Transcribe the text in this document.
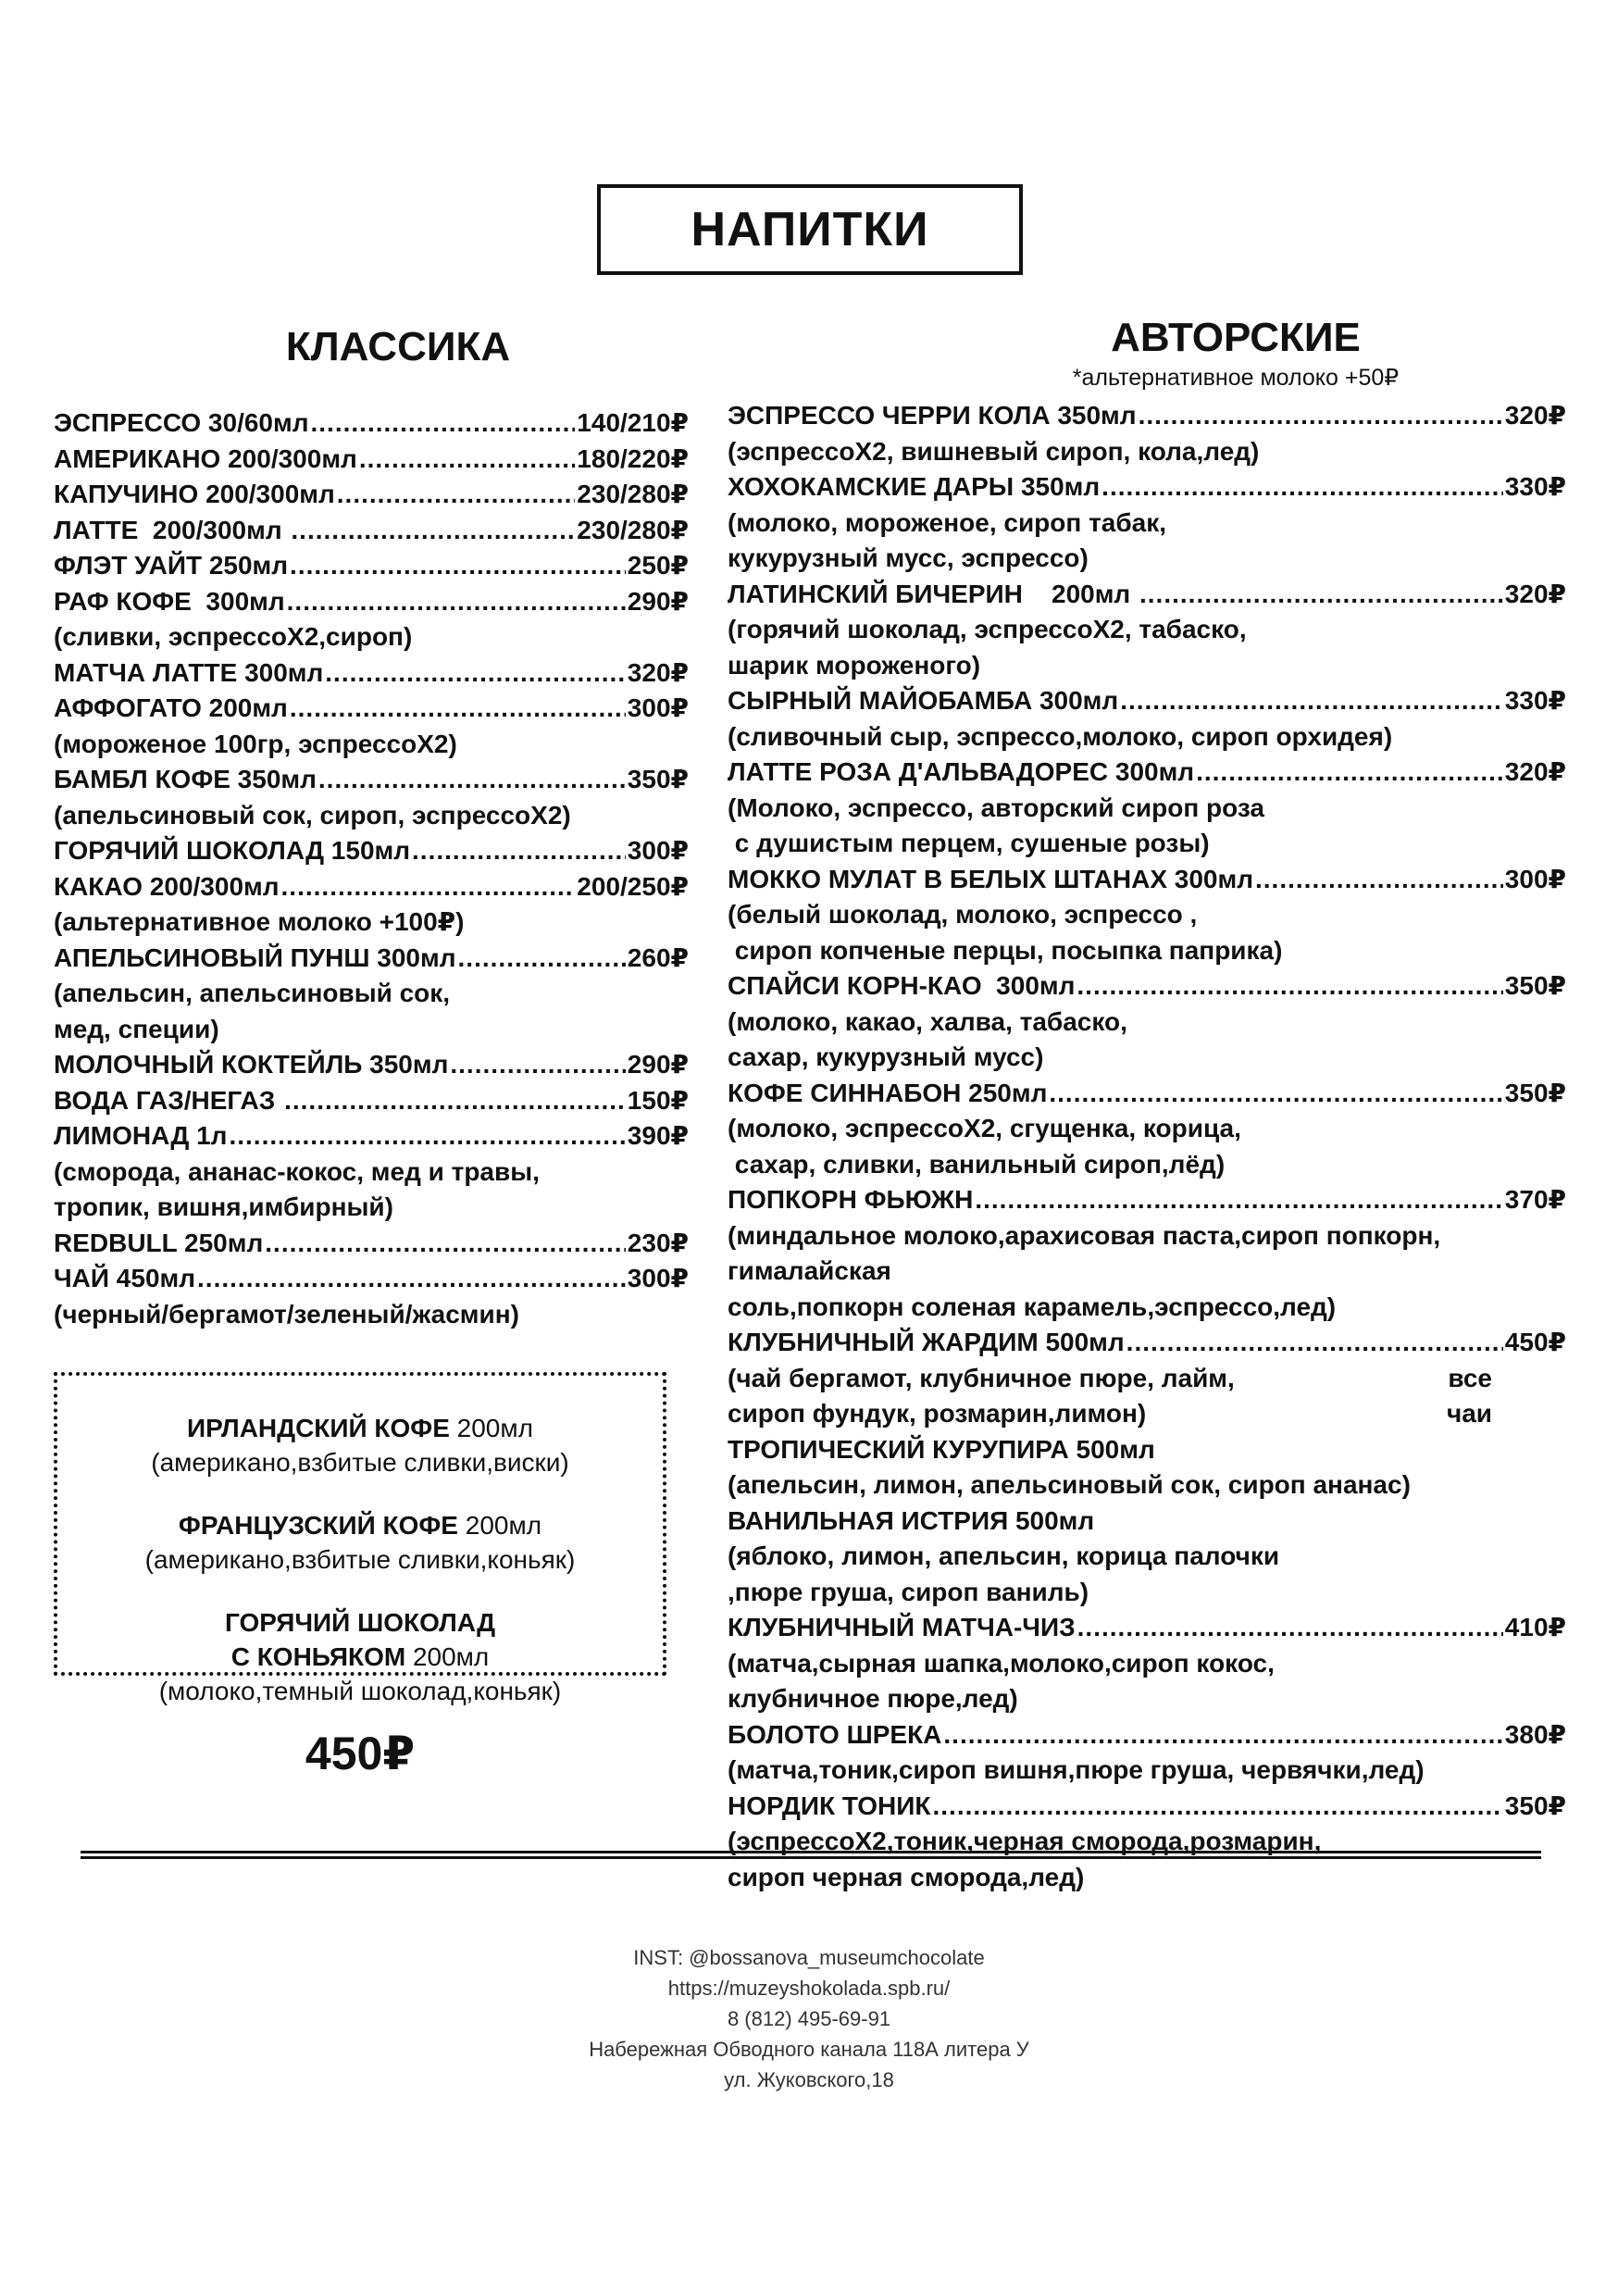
НАПИТКИ
КЛАССИКА	АВТОРСКИЕ
*альтернативное молоко +50₽
ЭСПРЕССО 30/60мл .....	140/210₽
АМЕРИКАНО 200/300мл .....	180/220₽
КАПУЧИНО 200/300мл .....	230/280₽
ЛАТТЕ  200/300мл .....	230/280₽
ФЛЭТ УАЙТ 250мл .....	250₽
РАФ КОФЕ  300мл .....	290₽
(сливки, эспрессоX2,сироп)
МАТЧА ЛАТТЕ 300мл .....	320₽
АФФОГАТО 200мл .....	300₽
(мороженое 100гр, эспрессоX2)
БАМБЛ КОФЕ 350мл .....	350₽
(апельсиновый сок, сироп, эспрессоX2)
ГОРЯЧИЙ ШОКОЛАД 150мл .....	300₽
КАКАО 200/300мл .....	200/250₽
(альтернативное молоко +100₽)
АПЕЛЬСИНОВЫЙ ПУНШ 300мл .....	260₽
(апельсин, апельсиновый сок,
мед, специи)
МОЛОЧНЫЙ КОКТЕЙЛЬ 350мл .....	290₽
ВОДА ГАЗ/НЕГАЗ .....	150₽
ЛИМОНАД 1л .....	390₽
(смородa, ананас-кокос, мед и травы,
тропик, вишня,имбирный)
REDBULL 250мл .....	230₽
ЧАЙ 450мл .....	300₽
(черный/бергамот/зеленый/жасмин)
ЭСПРЕССО ЧЕРРИ КОЛА 350мл .....	320₽
(эспрессоX2, вишневый сироп, кола,лед)
ХОХОКАМСКИЕ ДАРЫ 350мл .....	330₽
(молоко, мороженое, сироп табак,
кукурузный мусс, эспрессо)
ЛАТИНСКИЙ БИЧЕРИН    200мл .....	320₽
(горячий шоколад, эспрессоX2, табаско,
шарик мороженого)
СЫРНЫЙ МАЙОБАМБА 300мл .....	330₽
(сливочный сыр, эспрессо,молоко, сироп орхидея)
ЛАТТЕ РОЗА Д'АЛЬВАДОРЕС 300мл .....	320₽
(Молоко, эспрессо, авторский сироп роза
с душистым перцем, сушеные розы)
МОККО МУЛАТ В БЕЛЫХ ШТАНАХ 300мл .....	300₽
(белый шоколад, молоко, эспрессо ,
сироп копченые перцы, посыпка паприка)
СПАЙСИ КОРН-КАО  300мл .....	350₽
(молоко, какао, халва, табаско,
сахар, кукурузный мусс)
КОФЕ СИННАБОН 250мл .....	350₽
(молоко, эспрессоX2, сгущенка, корица,
сахар, сливки, ванильный сироп,лёд)
ПОПКОРН ФЬЮЖН .....	370₽
(миндальное молоко,арахисовая паста,сироп попкорн,
гималайская
соль,попкорн соленая карамель,эспрессо,лед)
КЛУБНИЧНЫЙ ЖАРДИМ 500мл .....	450₽
(чай бергамот, клубничное пюре, лайм,	все
сироп фундук, розмарин,лимон)	чаи
ТРОПИЧЕСКИЙ КУРУПИРА 500мл
(апельсин, лимон, апельсиновый сок, сироп ананас)
ВАНИЛЬНАЯ ИСТРИЯ 500мл
(яблоко, лимон, апельсин, корица палочки
,пюре груша, сироп ваниль)
КЛУБНИЧНЫЙ МАТЧА-ЧИЗ .....	410₽
(матча,сырная шапка,молоко,сироп кокос,
клубничное пюре,лед)
БОЛОТО ШРЕКА .....	380₽
(матча,тоник,сироп вишня,пюре груша, червячки,лед)
НОРДИК ТОНИК .....	350₽
(эспрессоX2,тоник,черная смородa,розмарин,
сироп черная смородa,лед)
ИРЛАНДСКИЙ КОФЕ 200мл
(американо,взбитые сливки,виски)
ФРАНЦУЗСКИЙ КОФЕ 200мл
(американо,взбитые сливки,коньяк)
ГОРЯЧИЙ ШОКОЛАД
С КОНЬЯКОМ 200мл
(молоко,темный шоколад,коньяк)
450₽
INST: @bossanova_museumchocolate
https://muzeyshokolada.spb.ru/
8 (812) 495-69-91
Набережная Обводного канала 118А литера У
ул. Жуковского,18
